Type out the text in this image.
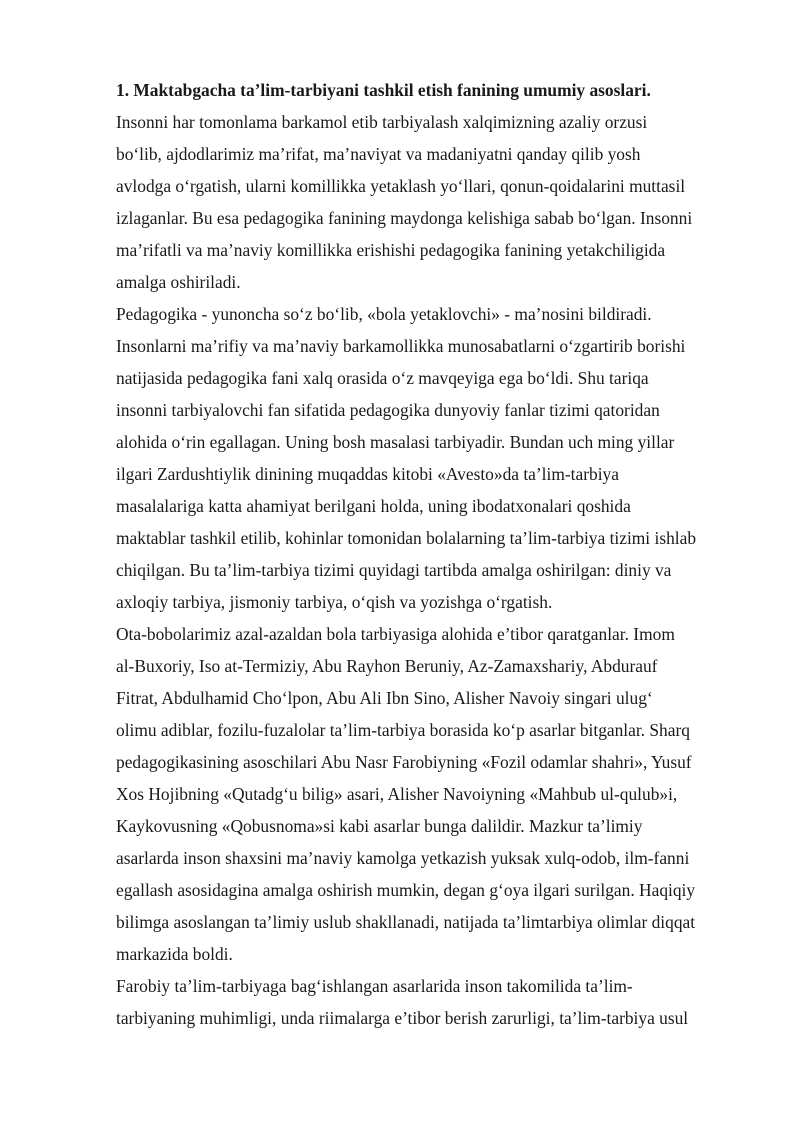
1. Maktabgacha ta’lim-tarbiyani tashkil etish fanining umumiy asoslari.

Insonni har tomonlama barkamol etib tarbiyalash xalqimizning azaliy orzusi
bo‘lib, ajdodlarimiz ma’rifat, ma’naviyat va madaniyatni qanday qilib yosh
avlodga o‘rgatish, ularni komillikka yetaklash yo‘llari, qonun-qoidalarini muttasil
izlaganlar. Bu esa pedagogika fanining maydonga kelishiga sabab bo‘lgan. Insonni
ma’rifatli va ma’naviy komillikka erishishi pedagogika fanining yetakchiligida
amalga oshiriladi.

Pedagogika - yunoncha so‘z bo‘lib, «bola yetaklovchi» - ma’nosini bildiradi.
Insonlarni ma’rifiy va ma’naviy barkamollikka munosabatlarni o‘zgartirib borishi
natijasida pedagogika fani xalq orasida o‘z mavqeyiga ega bo‘ldi. Shu tariqa
insonni tarbiyalovchi fan sifatida pedagogika dunyoviy fanlar tizimi qatoridan
alohida o‘rin egallagan. Uning bosh masalasi tarbiyadir. Bundan uch ming yillar
ilgari Zardushtiylik dinining muqaddas kitobi «Avesto»da ta’lim-tarbiya
masalalariga katta ahamiyat berilgani holda, uning ibodatxonalari qoshida
maktablar tashkil etilib, kohinlar tomonidan bolalarning ta’lim-tarbiya tizimi ishlab
chiqilgan. Bu ta’lim-tarbiya tizimi quyidagi tartibda amalga oshirilgan: diniy va
axloqiy tarbiya, jismoniy tarbiya, o‘qish va yozishga o‘rgatish.

Ota-bobolarimiz azal-azaldan bola tarbiyasiga alohida e’tibor qaratganlar. Imom
al-Buxoriy, Iso at-Termiziy, Abu Rayhon Beruniy, Az-Zamaxshariy, Abdurauf
Fitrat, Abdulhamid Cho‘lpon, Abu Ali Ibn Sino, Alisher Navoiy singari ulug‘
olimu adiblar, fozilu-fuzalolar ta’lim-tarbiya borasida ko‘p asarlar bitganlar. Sharq
pedagogikasining asoschilari Abu Nasr Farobiyning «Fozil odamlar shahri», Yusuf
Xos Hojibning «Qutadg‘u bilig» asari, Alisher Navoiyning «Mahbub ul-qulub»i,
Kaykovusning «Qobusnoma»si kabi asarlar bunga dalildir. Mazkur ta’limiy
asarlarda inson shaxsini ma’naviy kamolga yetkazish yuksak xulq-odob, ilm-fanni
egallash asosidagina amalga oshirish mumkin, degan g‘oya ilgari surilgan. Haqiqiy
bilimga asoslangan ta’limiy uslub shakllanadi, natijada ta’limtarbiya olimlar diqqat
markazida boldi.

Farobiy ta’lim-tarbiyaga bag‘ishlangan asarlarida inson takomilida ta’lim-
tarbiyaning muhimligi, unda riimalarga e’tibor berish zarurligi, ta’lim-tarbiya usul
